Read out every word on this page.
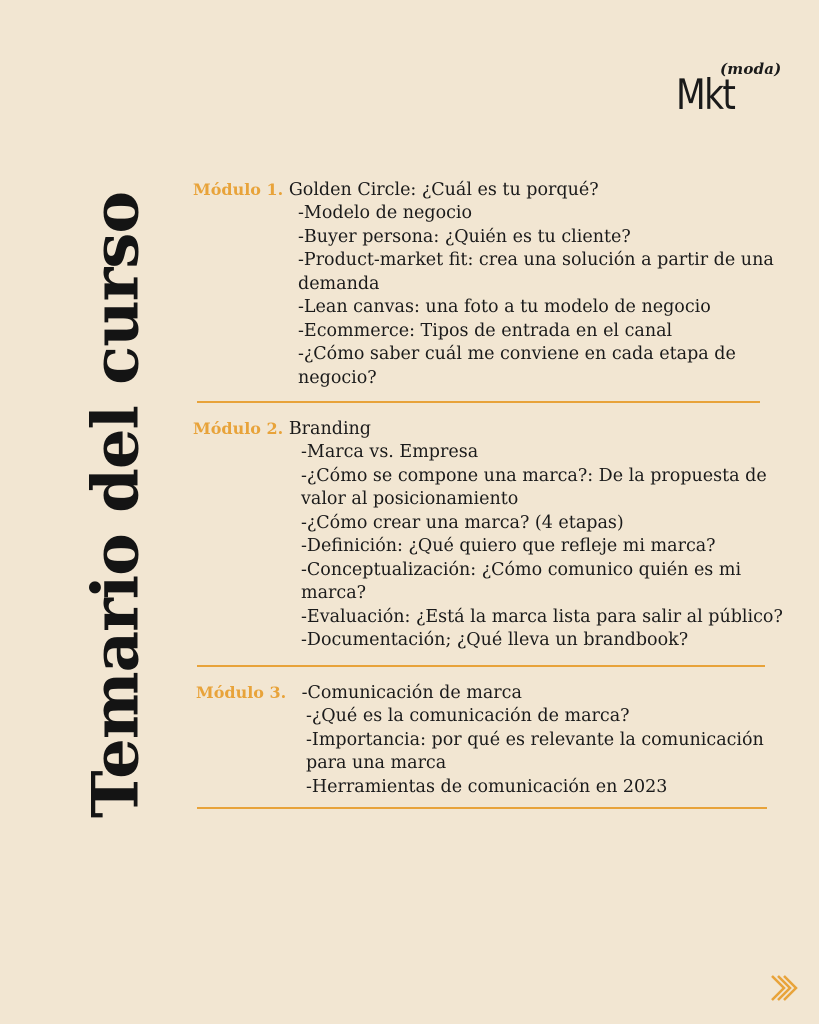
(moda)
Mkt
Temario del curso
Módulo 1. Golden Circle: ¿Cuál es tu porqué?
-Modelo de negocio
-Buyer persona: ¿Quién es tu cliente?
-Product-market fit: crea una solución a partir de una demanda
-Lean canvas: una foto a tu modelo de negocio
-Ecommerce: Tipos de entrada en el canal
-¿Cómo saber cuál me conviene en cada etapa de negocio?
Módulo 2. Branding
-Marca vs. Empresa
-¿Cómo se compone una marca?: De la propuesta de valor al posicionamiento
-¿Cómo crear una marca? (4 etapas)
-Definición: ¿Qué quiero que refleje mi marca?
-Conceptualización: ¿Cómo comunico quién es mi marca?
-Evaluación: ¿Está la marca lista para salir al público?
-Documentación; ¿Qué lleva un brandbook?
Módulo 3. -Comunicación de marca
-¿Qué es la comunicación de marca?
-Importancia: por qué es relevante la comunicación para una marca
-Herramientas de comunicación en 2023
